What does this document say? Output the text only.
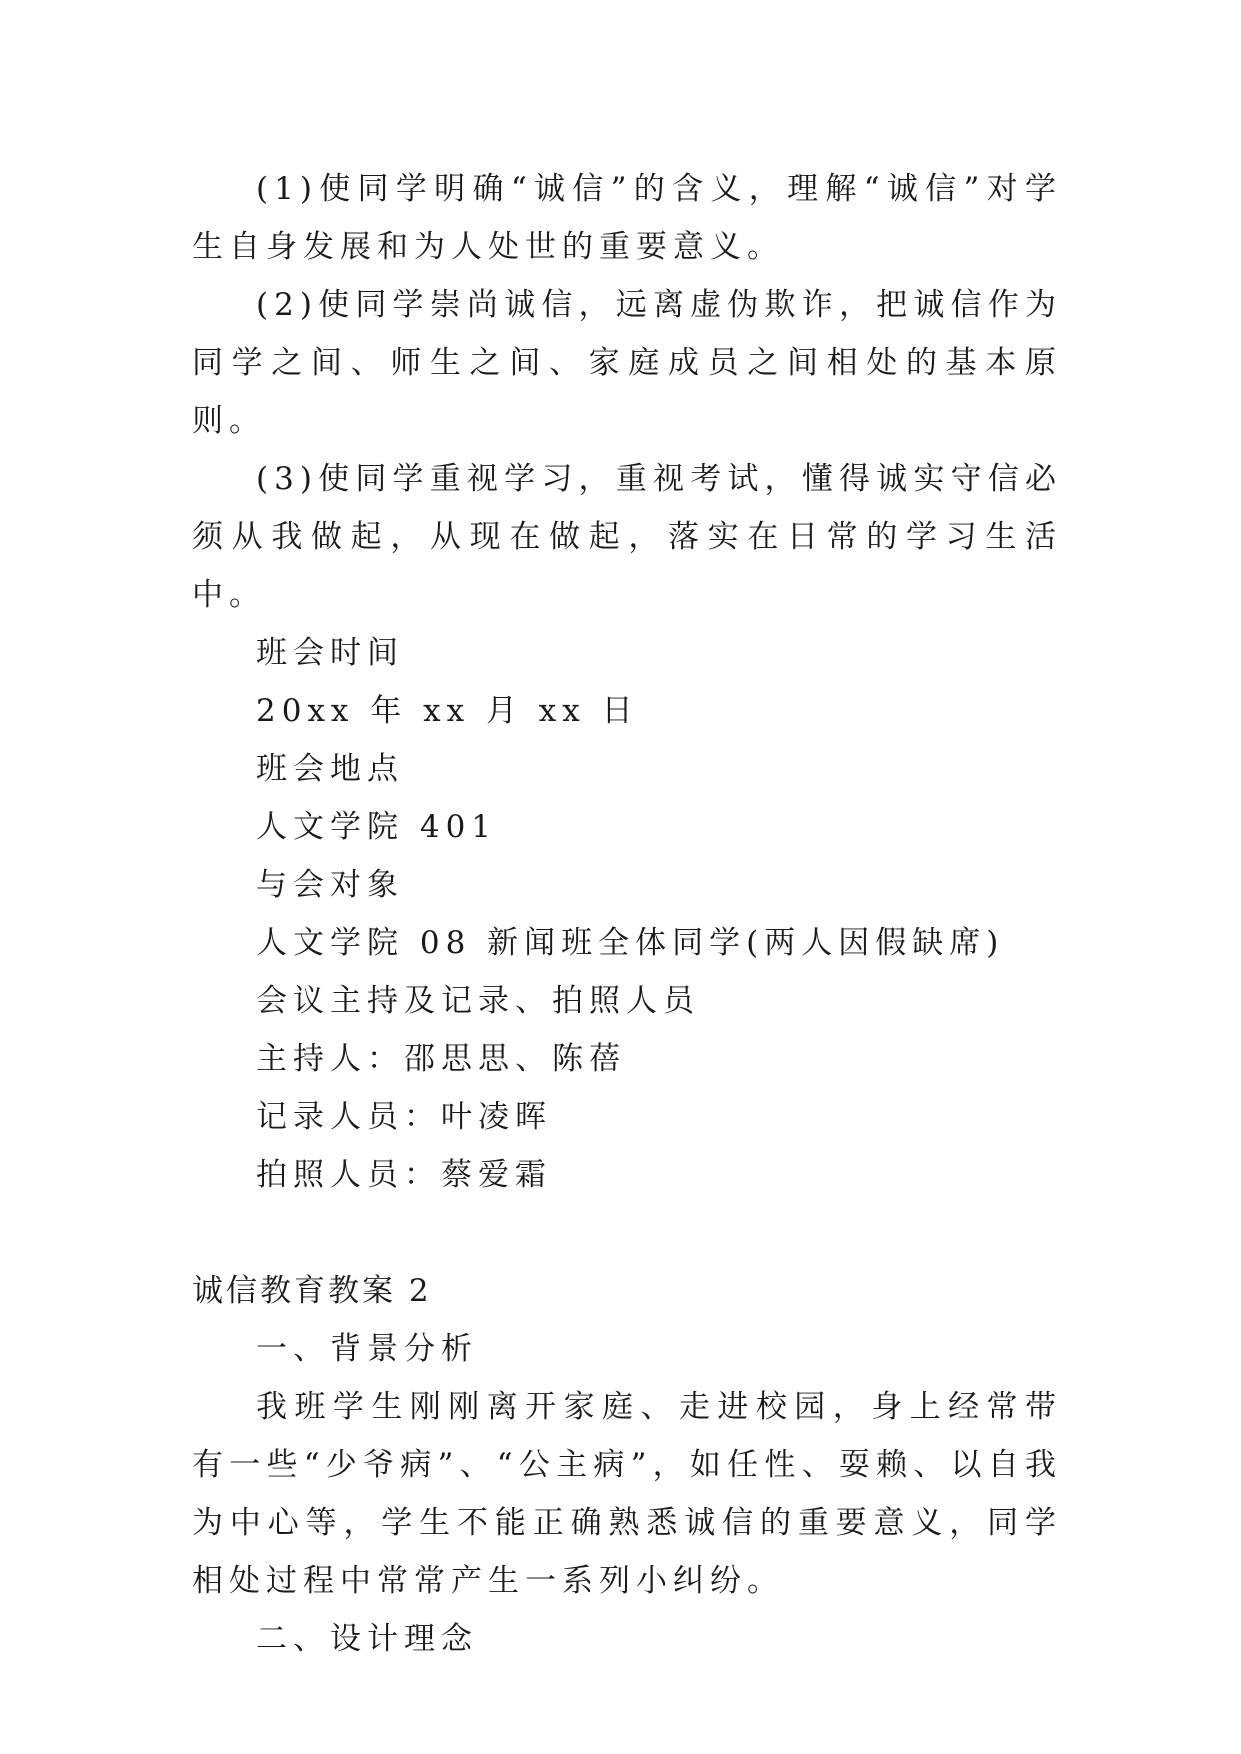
(1)使同学明确“诚信”的含义，理解“诚信”对学生自身发展和为人处世的重要意义。

(2)使同学崇尚诚信，远离虚伪欺诈，把诚信作为同学之间、师生之间、家庭成员之间相处的基本原则。

(3)使同学重视学习，重视考试，懂得诚实守信必须从我做起，从现在做起，落实在日常的学习生活中。

班会时间

20xx 年 xx 月 xx 日

班会地点

人文学院 401

与会对象

人文学院 08 新闻班全体同学(两人因假缺席)

会议主持及记录、拍照人员

主持人：邵思思、陈蓓

记录人员：叶凌晖

拍照人员：蔡爱霜

诚信教育教案 2

一、背景分析

我班学生刚刚离开家庭、走进校园，身上经常带有一些“少爷病”、“公主病”，如任性、耍赖、以自我为中心等，学生不能正确熟悉诚信的重要意义，同学相处过程中常常产生一系列小纠纷。

二、设计理念
